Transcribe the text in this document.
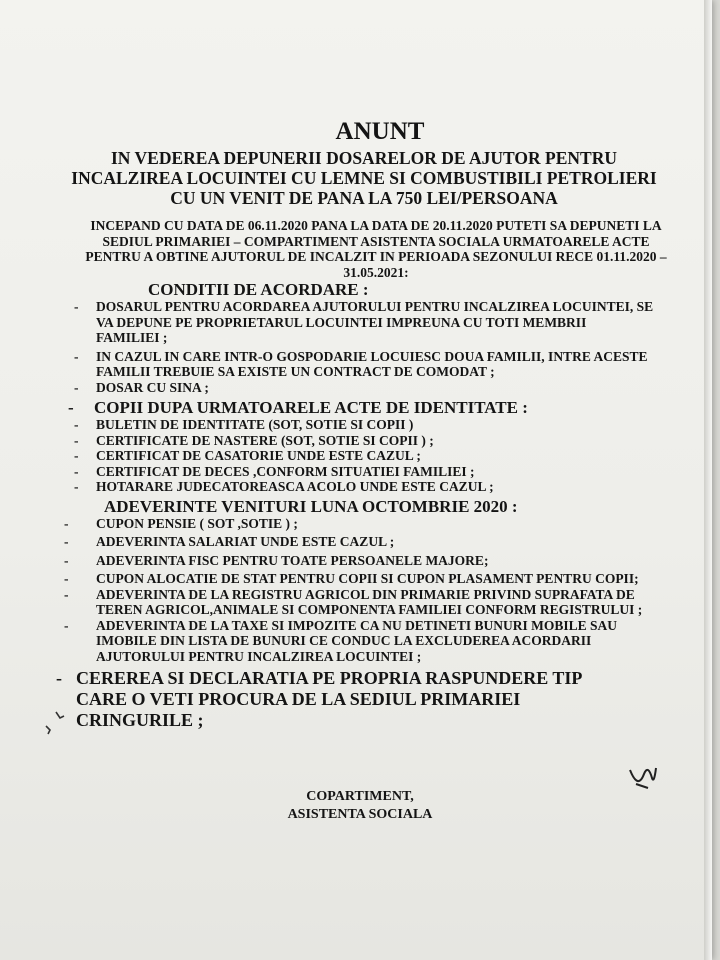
ANUNT
IN VEDEREA DEPUNERII DOSARELOR DE AJUTOR PENTRU
INCALZIREA LOCUINTEI CU LEMNE SI COMBUSTIBILI PETROLIERI
CU UN VENIT DE PANA LA 750 LEI/PERSOANA
INCEPAND CU DATA DE 06.11.2020 PANA LA DATA DE 20.11.2020 PUTETI SA DEPUNETI LA
SEDIUL PRIMARIEI – COMPARTIMENT ASISTENTA SOCIALA URMATOARELE ACTE
PENTRU A OBTINE AJUTORUL DE INCALZIT IN PERIOADA SEZONULUI RECE 01.11.2020 –
31.05.2021:
CONDITII DE ACORDARE :
- DOSARUL PENTRU ACORDAREA AJUTORULUI PENTRU INCALZIREA LOCUINTEI, SE
VA DEPUNE PE PROPRIETARUL LOCUINTEI IMPREUNA CU TOTI MEMBRII
FAMILIEI ;
- IN CAZUL IN CARE INTR-O GOSPODARIE LOCUIESC DOUA FAMILII, INTRE ACESTE
FAMILII TREBUIE SA EXISTE UN CONTRACT DE COMODAT ;
- DOSAR CU SINA ;
- COPII DUPA URMATOARELE ACTE DE IDENTITATE :
- BULETIN DE IDENTITATE (SOT, SOTIE SI COPII )
- CERTIFICATE DE NASTERE (SOT, SOTIE SI COPII ) ;
- CERTIFICAT DE CASATORIE UNDE ESTE CAZUL ;
- CERTIFICAT DE DECES ,CONFORM SITUATIEI FAMILIEI ;
- HOTARARE JUDECATOREASCA ACOLO UNDE ESTE CAZUL ;
ADEVERINTE VENITURI LUNA OCTOMBRIE 2020 :
- CUPON PENSIE ( SOT ,SOTIE ) ;
- ADEVERINTA SALARIAT UNDE ESTE CAZUL ;
- ADEVERINTA FISC PENTRU TOATE PERSOANELE MAJORE;
- CUPON ALOCATIE DE STAT PENTRU COPII SI CUPON PLASAMENT PENTRU COPII;
- ADEVERINTA DE LA REGISTRU AGRICOL DIN PRIMARIE PRIVIND SUPRAFATA DE
TEREN AGRICOL,ANIMALE SI COMPONENTA FAMILIEI CONFORM REGISTRULUI ;
- ADEVERINTA DE LA TAXE SI IMPOZITE CA NU DETINETI BUNURI MOBILE SAU
IMOBILE DIN LISTA DE BUNURI CE CONDUC LA EXCLUDEREA ACORDARII
AJUTORULUI PENTRU INCALZIREA LOCUINTEI ;
- CEREREA SI DECLARATIA PE PROPRIA RASPUNDERE TIP
CARE O VETI PROCURA DE LA SEDIUL PRIMARIEI
CRINGURILE ;
COPARTIMENT,
ASISTENTA SOCIALA
